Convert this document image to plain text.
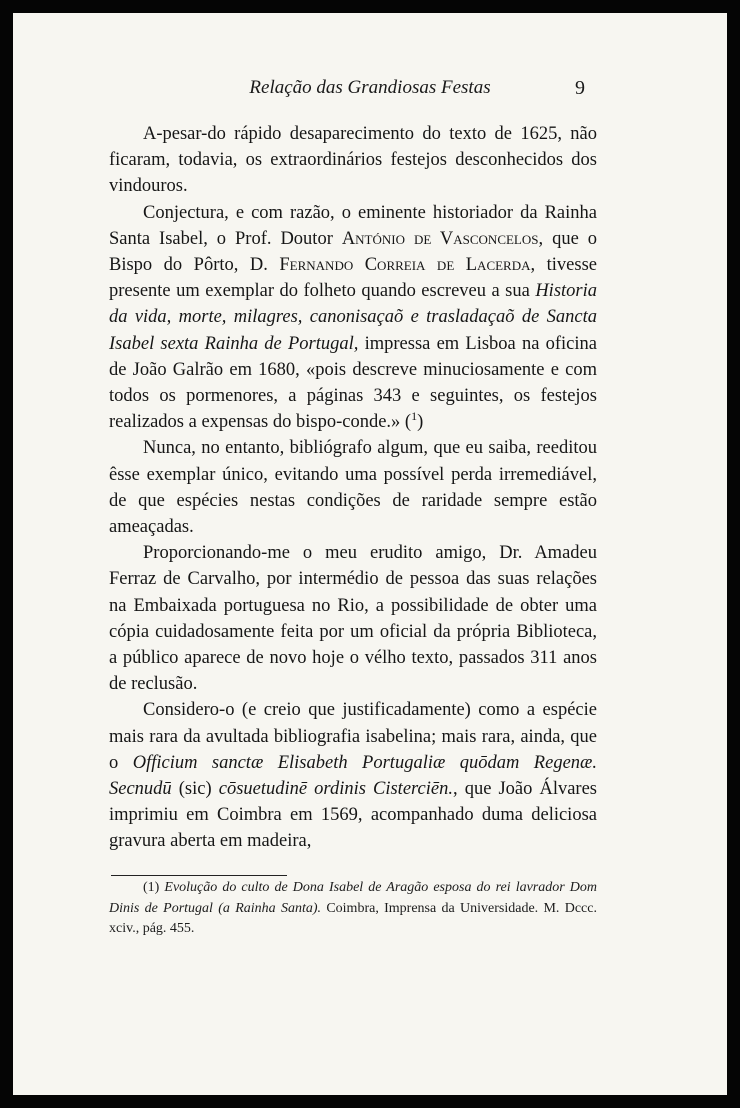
Relação das Grandiosas Festas	9

A-pesar-do rápido desaparecimento do texto de 1625, não ficaram, todavia, os extraordinários festejos desconhecidos dos vindouros.

Conjectura, e com razão, o eminente historiador da Rainha Santa Isabel, o Prof. Doutor António de Vasconcelos, que o Bispo do Pôrto, D. Fernando Correia de Lacerda, tivesse presente um exemplar do folheto quando escreveu a sua Historia da vida, morte, milagres, canonisaçaõ e trasladaçaõ de Sancta Isabel sexta Rainha de Portugal, impressa em Lisboa na oficina de João Galrão em 1680, «pois descreve minuciosamente e com todos os pormenores, a páginas 343 e seguintes, os festejos realizados a expensas do bispo-conde.» ($^1$)

Nunca, no entanto, bibliógrafo algum, que eu saiba, reeditou êsse exemplar único, evitando uma possível perda irremediável, de que espécies nestas condições de raridade sempre estão ameaçadas.

Proporcionando-me o meu erudito amigo, Dr. Amadeu Ferraz de Carvalho, por intermédio de pessoa das suas relações na Embaixada portuguesa no Rio, a possibilidade de obter uma cópia cuidadosamente feita por um oficial da própria Biblioteca, a público aparece de novo hoje o vélho texto, passados 311 anos de reclusão.

Considero-o (e creio que justificadamente) como a espécie mais rara da avultada bibliografia isabelina; mais rara, ainda, que o Officium sanctæ Elisabeth Portugaliæ quōdam Regenæ. Secnudū (sic) cōsuetudinē ordinis Cisterciēn., que João Álvares imprimiu em Coimbra em 1569, acompanhado duma deliciosa gravura aberta em madeira,

(1) Evolução do culto de Dona Isabel de Aragão esposa do rei lavrador Dom Dinis de Portugal (a Rainha Santa). Coimbra, Imprensa da Universidade. M. Dccc. xciv., pág. 455.
